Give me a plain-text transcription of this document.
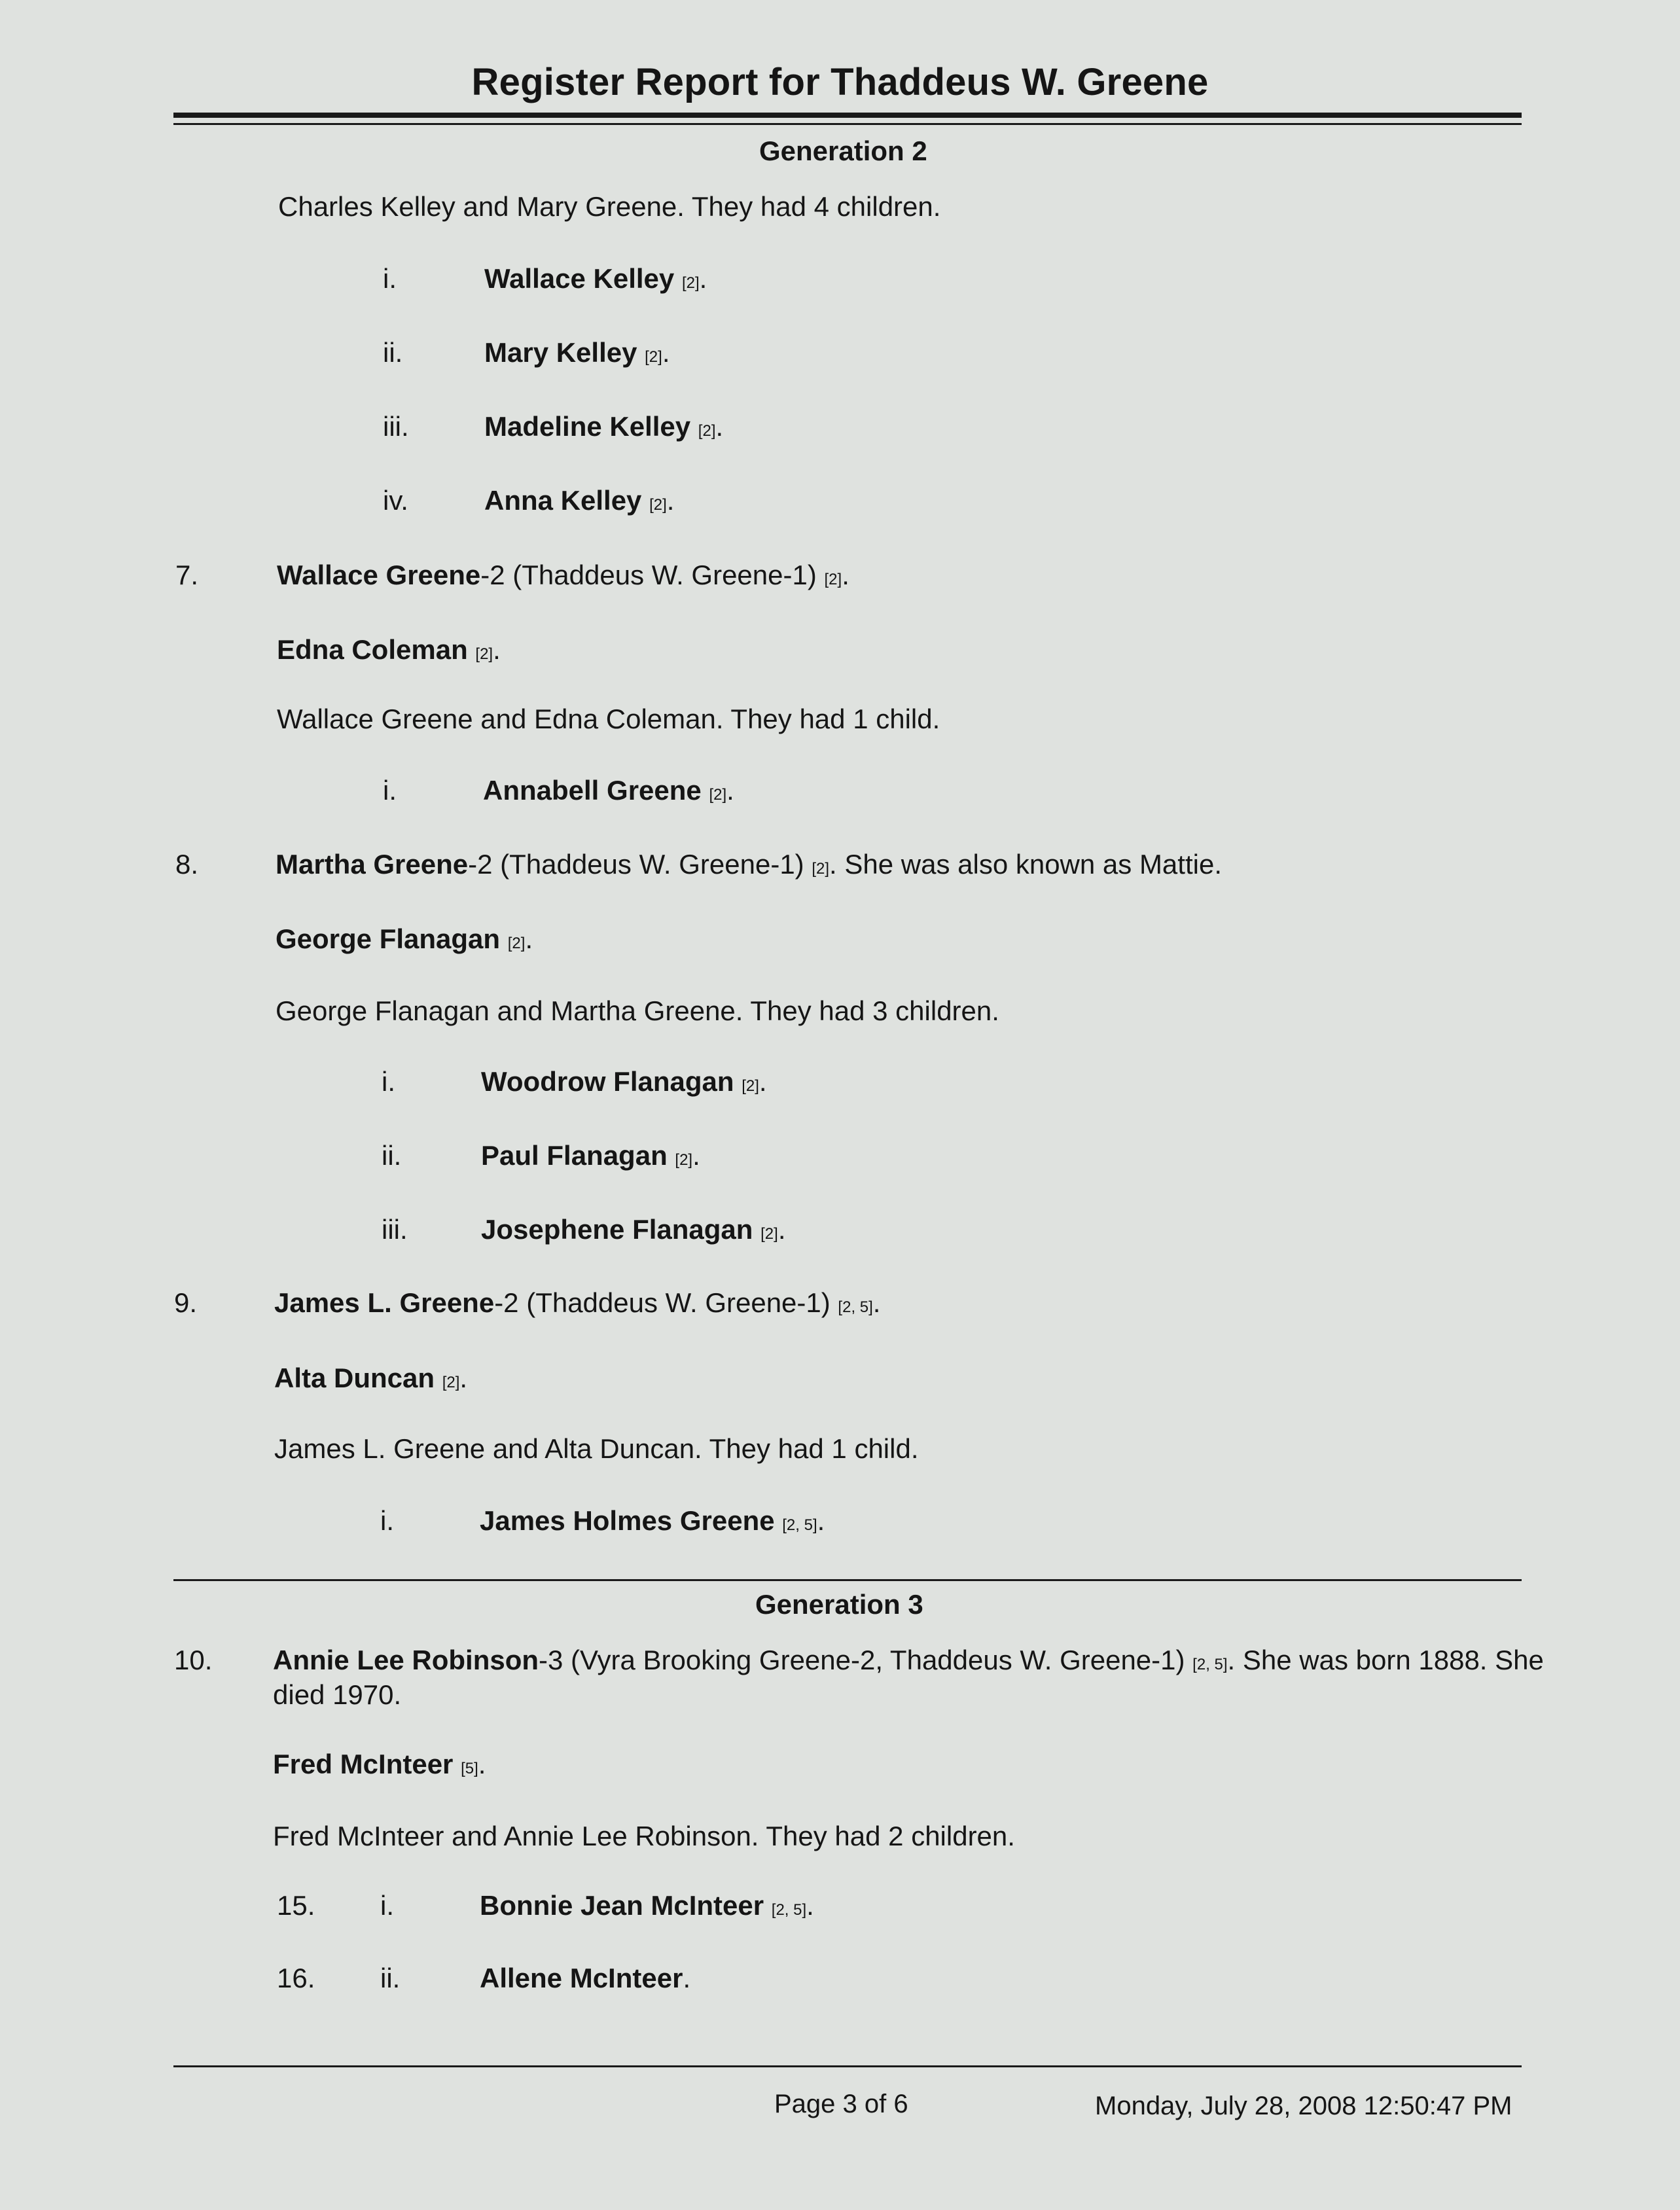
Register Report for Thaddeus W. Greene
Generation 2
Charles Kelley and Mary Greene. They had 4 children.
i.	Wallace Kelley [2].
ii.	Mary Kelley [2].
iii.	Madeline Kelley [2].
iv.	Anna Kelley [2].
7.	Wallace Greene-2 (Thaddeus W. Greene-1) [2].
Edna Coleman [2].
Wallace Greene and Edna Coleman. They had 1 child.
i.	Annabell Greene [2].
8.	Martha Greene-2 (Thaddeus W. Greene-1) [2]. She was also known as Mattie.
George Flanagan [2].
George Flanagan and Martha Greene. They had 3 children.
i.	Woodrow Flanagan [2].
ii.	Paul Flanagan [2].
iii.	Josephene Flanagan [2].
9.	James L. Greene-2 (Thaddeus W. Greene-1) [2, 5].
Alta Duncan [2].
James L. Greene and Alta Duncan. They had 1 child.
i.	James Holmes Greene [2, 5].
Generation 3
10. Annie Lee Robinson-3 (Vyra Brooking Greene-2, Thaddeus W. Greene-1) [2, 5]. She was born 1888. She died 1970.
Fred McInteer [5].
Fred McInteer and Annie Lee Robinson. They had 2 children.
15. i.	Bonnie Jean McInteer [2, 5].
16. ii.	Allene McInteer.
Page 3 of 6	Monday, July 28, 2008 12:50:47 PM
